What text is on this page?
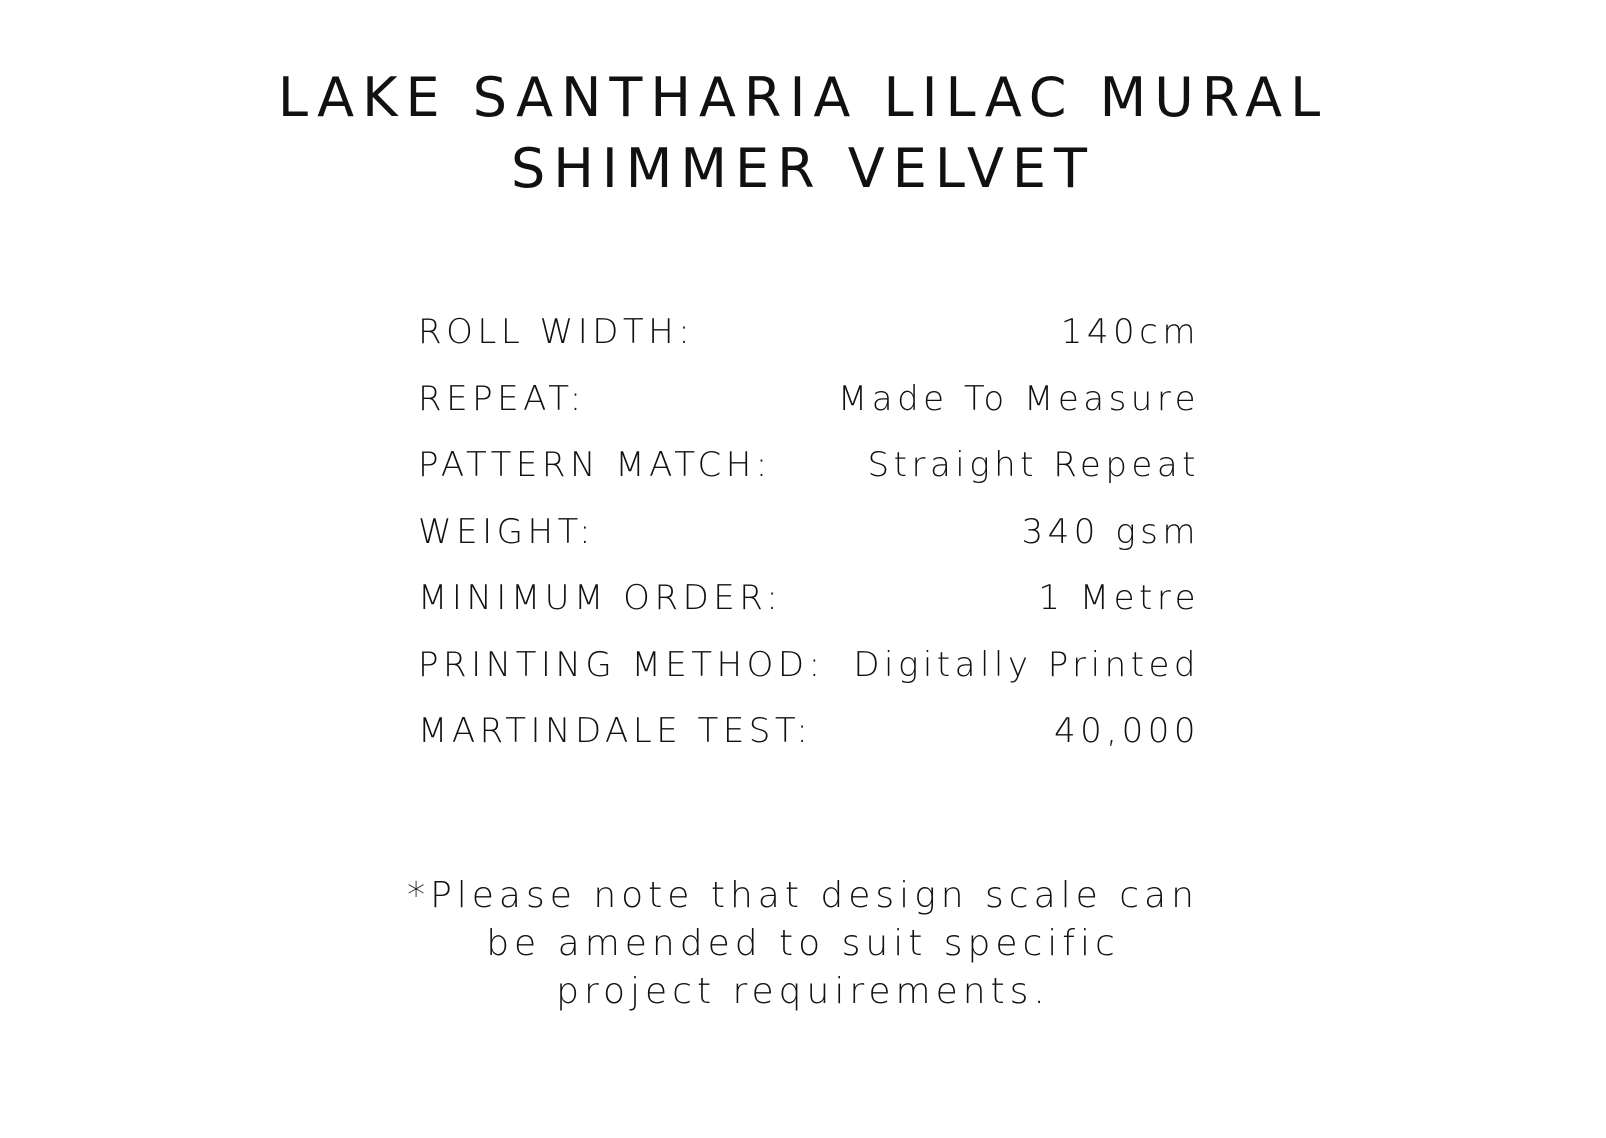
LAKE SANTHARIA LILAC MURAL
SHIMMER VELVET
ROLL WIDTH:	140cm
REPEAT:	Made To Measure
PATTERN MATCH:	Straight Repeat
WEIGHT:	340 gsm
MINIMUM ORDER:	1 Metre
PRINTING METHOD: Digitally Printed
MARTINDALE TEST:	40,000
*Please note that design scale can
be amended to suit specific
project requirements.
